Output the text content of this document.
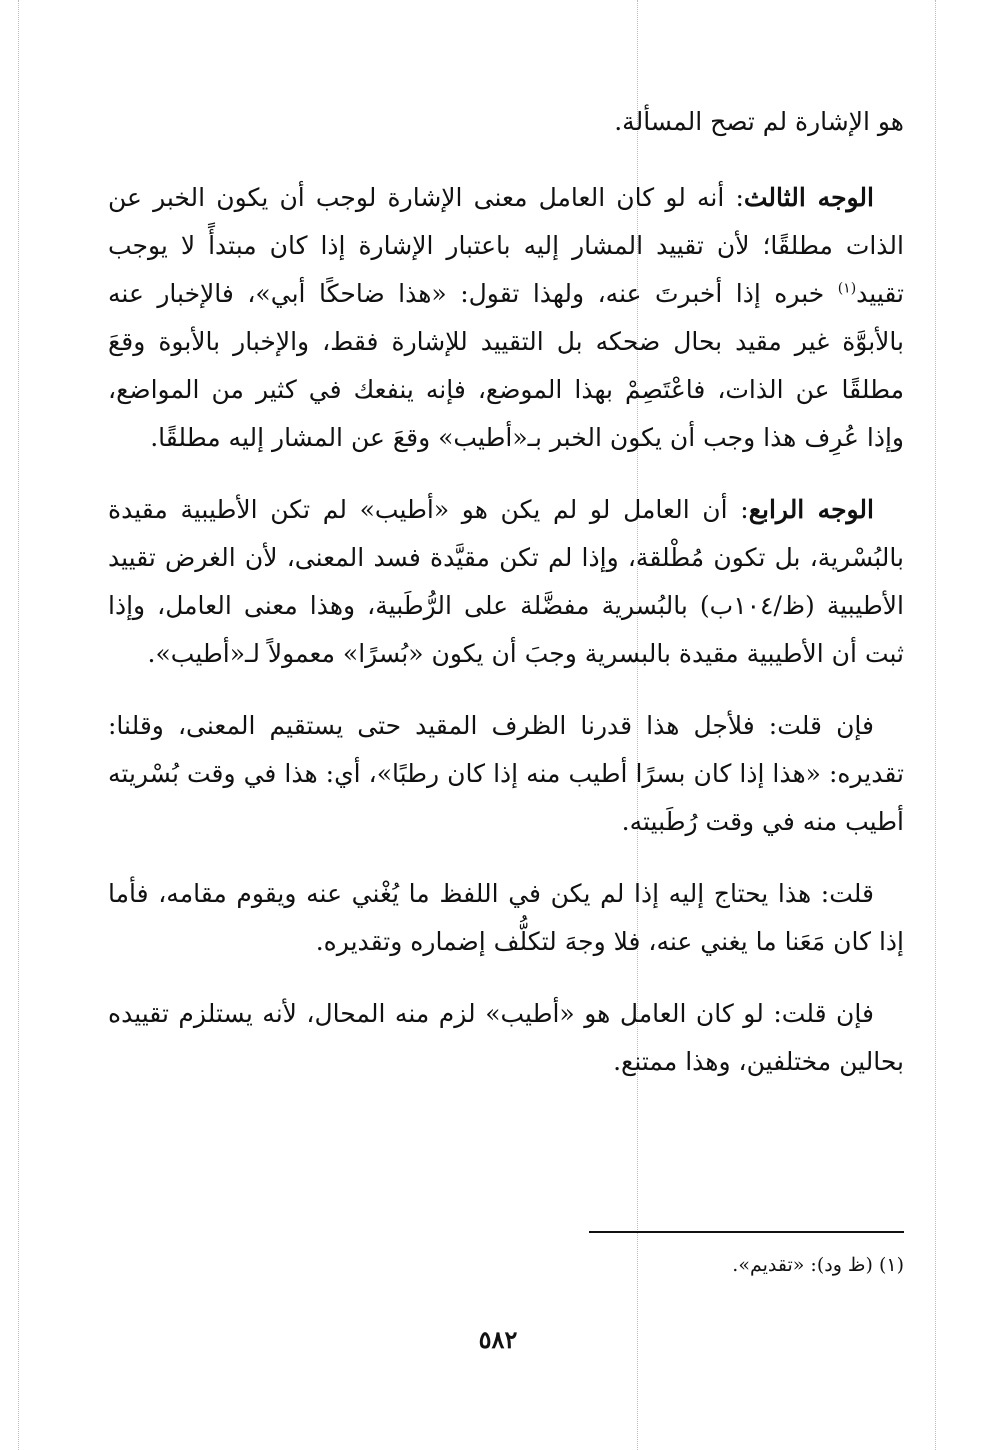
هو الإشارة لم تصح المسألة.

الوجه الثالث: أنه لو كان العامل معنى الإشارة لوجب أن يكون الخبر عن الذات مطلقًا؛ لأن تقييد المشار إليه باعتبار الإشارة إذا كان مبتدأً لا يوجب تقييد$^{(١)}$ خبره إذا أخبرتَ عنه، ولهذا تقول: «هذا ضاحكًا أبي»، فالإخبار عنه بالأبوَّة غير مقيد بحال ضحكه بل التقييد للإشارة فقط، والإخبار بالأبوة وقعَ مطلقًا عن الذات، فاعْتَصِمْ بهذا الموضع، فإنه ينفعك في كثير من المواضع، وإذا عُرِف هذا وجب أن يكون الخبر بـ«أطيب» وقعَ عن المشار إليه مطلقًا.

الوجه الرابع: أن العامل لو لم يكن هو «أطيب» لم تكن الأطيبية مقيدة بالبُسْرية، بل تكون مُطْلقة، وإذا لم تكن مقيَّدة فسد المعنى، لأن الغرض تقييد الأطيبية (ظ/١٠٤ب) بالبُسرية مفضَّلة على الرُّطَبية، وهذا معنى العامل، وإذا ثبت أن الأطيبية مقيدة بالبسرية وجبَ أن يكون «بُسرًا» معمولاً لـ«أطيب».

فإن قلت: فلأجل هذا قدرنا الظرف المقيد حتى يستقيم المعنى، وقلنا: تقديره: «هذا إذا كان بسرًا أطيب منه إذا كان رطبًا»، أي: هذا في وقت بُسْريته أطيب منه في وقت رُطَبيته.

قلت: هذا يحتاج إليه إذا لم يكن في اللفظ ما يُغْني عنه ويقوم مقامه، فأما إذا كان مَعَنا ما يغني عنه، فلا وجهَ لتكلُّف إضماره وتقديره.

فإن قلت: لو كان العامل هو «أطيب» لزم منه المحال، لأنه يستلزم تقييده بحالين مختلفين، وهذا ممتنع.

(١) (ظ ود): «تقديم».
٥٨٢
